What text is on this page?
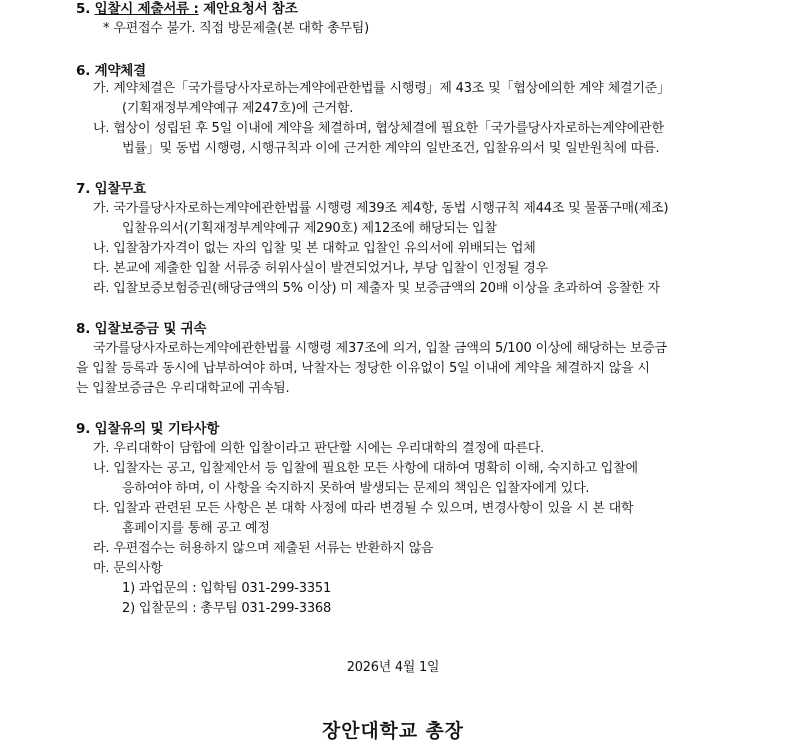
5. 입찰시 제출서류 : 제안요청서 참조
* 우편접수 불가. 직접 방문제출(본 대학 총무팀)
6. 계약체결
가. 계약체결은「국가를당사자로하는계약에관한법률 시행령」제 43조 및「협상에의한 계약 체결기준」
(기획재정부계약예규 제247호)에 근거함.
나. 협상이 성립된 후 5일 이내에 계약을 체결하며, 협상체결에 필요한「국가를당사자로하는계약에관한
법률」및 동법 시행령, 시행규칙과 이에 근거한 계약의 일반조건, 입찰유의서 및 일반원칙에 따름.
7. 입찰무효
가. 국가를당사자로하는계약에관한법률 시행령 제39조 제4항, 동법 시행규칙 제44조 및 물품구매(제조)
입찰유의서(기획재정부계약예규 제290호) 제12조에 해당되는 입찰
나. 입찰참가자격이 없는 자의 입찰 및 본 대학교 입찰인 유의서에 위배되는 업체
다. 본교에 제출한 입찰 서류중 허위사실이 발견되었거나, 부당 입찰이 인정될 경우
라. 입찰보증보험증권(해당금액의 5% 이상) 미 제출자 및 보증금액의 20배 이상을 초과하여 응찰한 자
8. 입찰보증금 및 귀속
국가를당사자로하는계약에관한법률 시행령 제37조에 의거, 입찰 금액의 5/100 이상에 해당하는 보증금
을 입찰 등록과 동시에 납부하여야 하며, 낙찰자는 정당한 이유없이 5일 이내에 계약을 체결하지 않을 시
는 입찰보증금은 우리대학교에 귀속됨.
9. 입찰유의 및 기타사항
가. 우리대학이 담합에 의한 입찰이라고 판단할 시에는 우리대학의 결정에 따른다.
나. 입찰자는 공고, 입찰제안서 등 입찰에 필요한 모든 사항에 대하여 명확히 이해, 숙지하고 입찰에
응하여야 하며, 이 사항을 숙지하지 못하여 발생되는 문제의 책임은 입찰자에게 있다.
다. 입찰과 관련된 모든 사항은 본 대학 사정에 따라 변경될 수 있으며, 변경사항이 있을 시 본 대학
홈페이지를 통해 공고 예정
라. 우편접수는 허용하지 않으며 제출된 서류는 반환하지 않음
마. 문의사항
1) 과업문의 : 입학팀 031-299-3351
2) 입찰문의 : 총무팀 031-299-3368
2026년 4월 1일
장안대학교 총장
